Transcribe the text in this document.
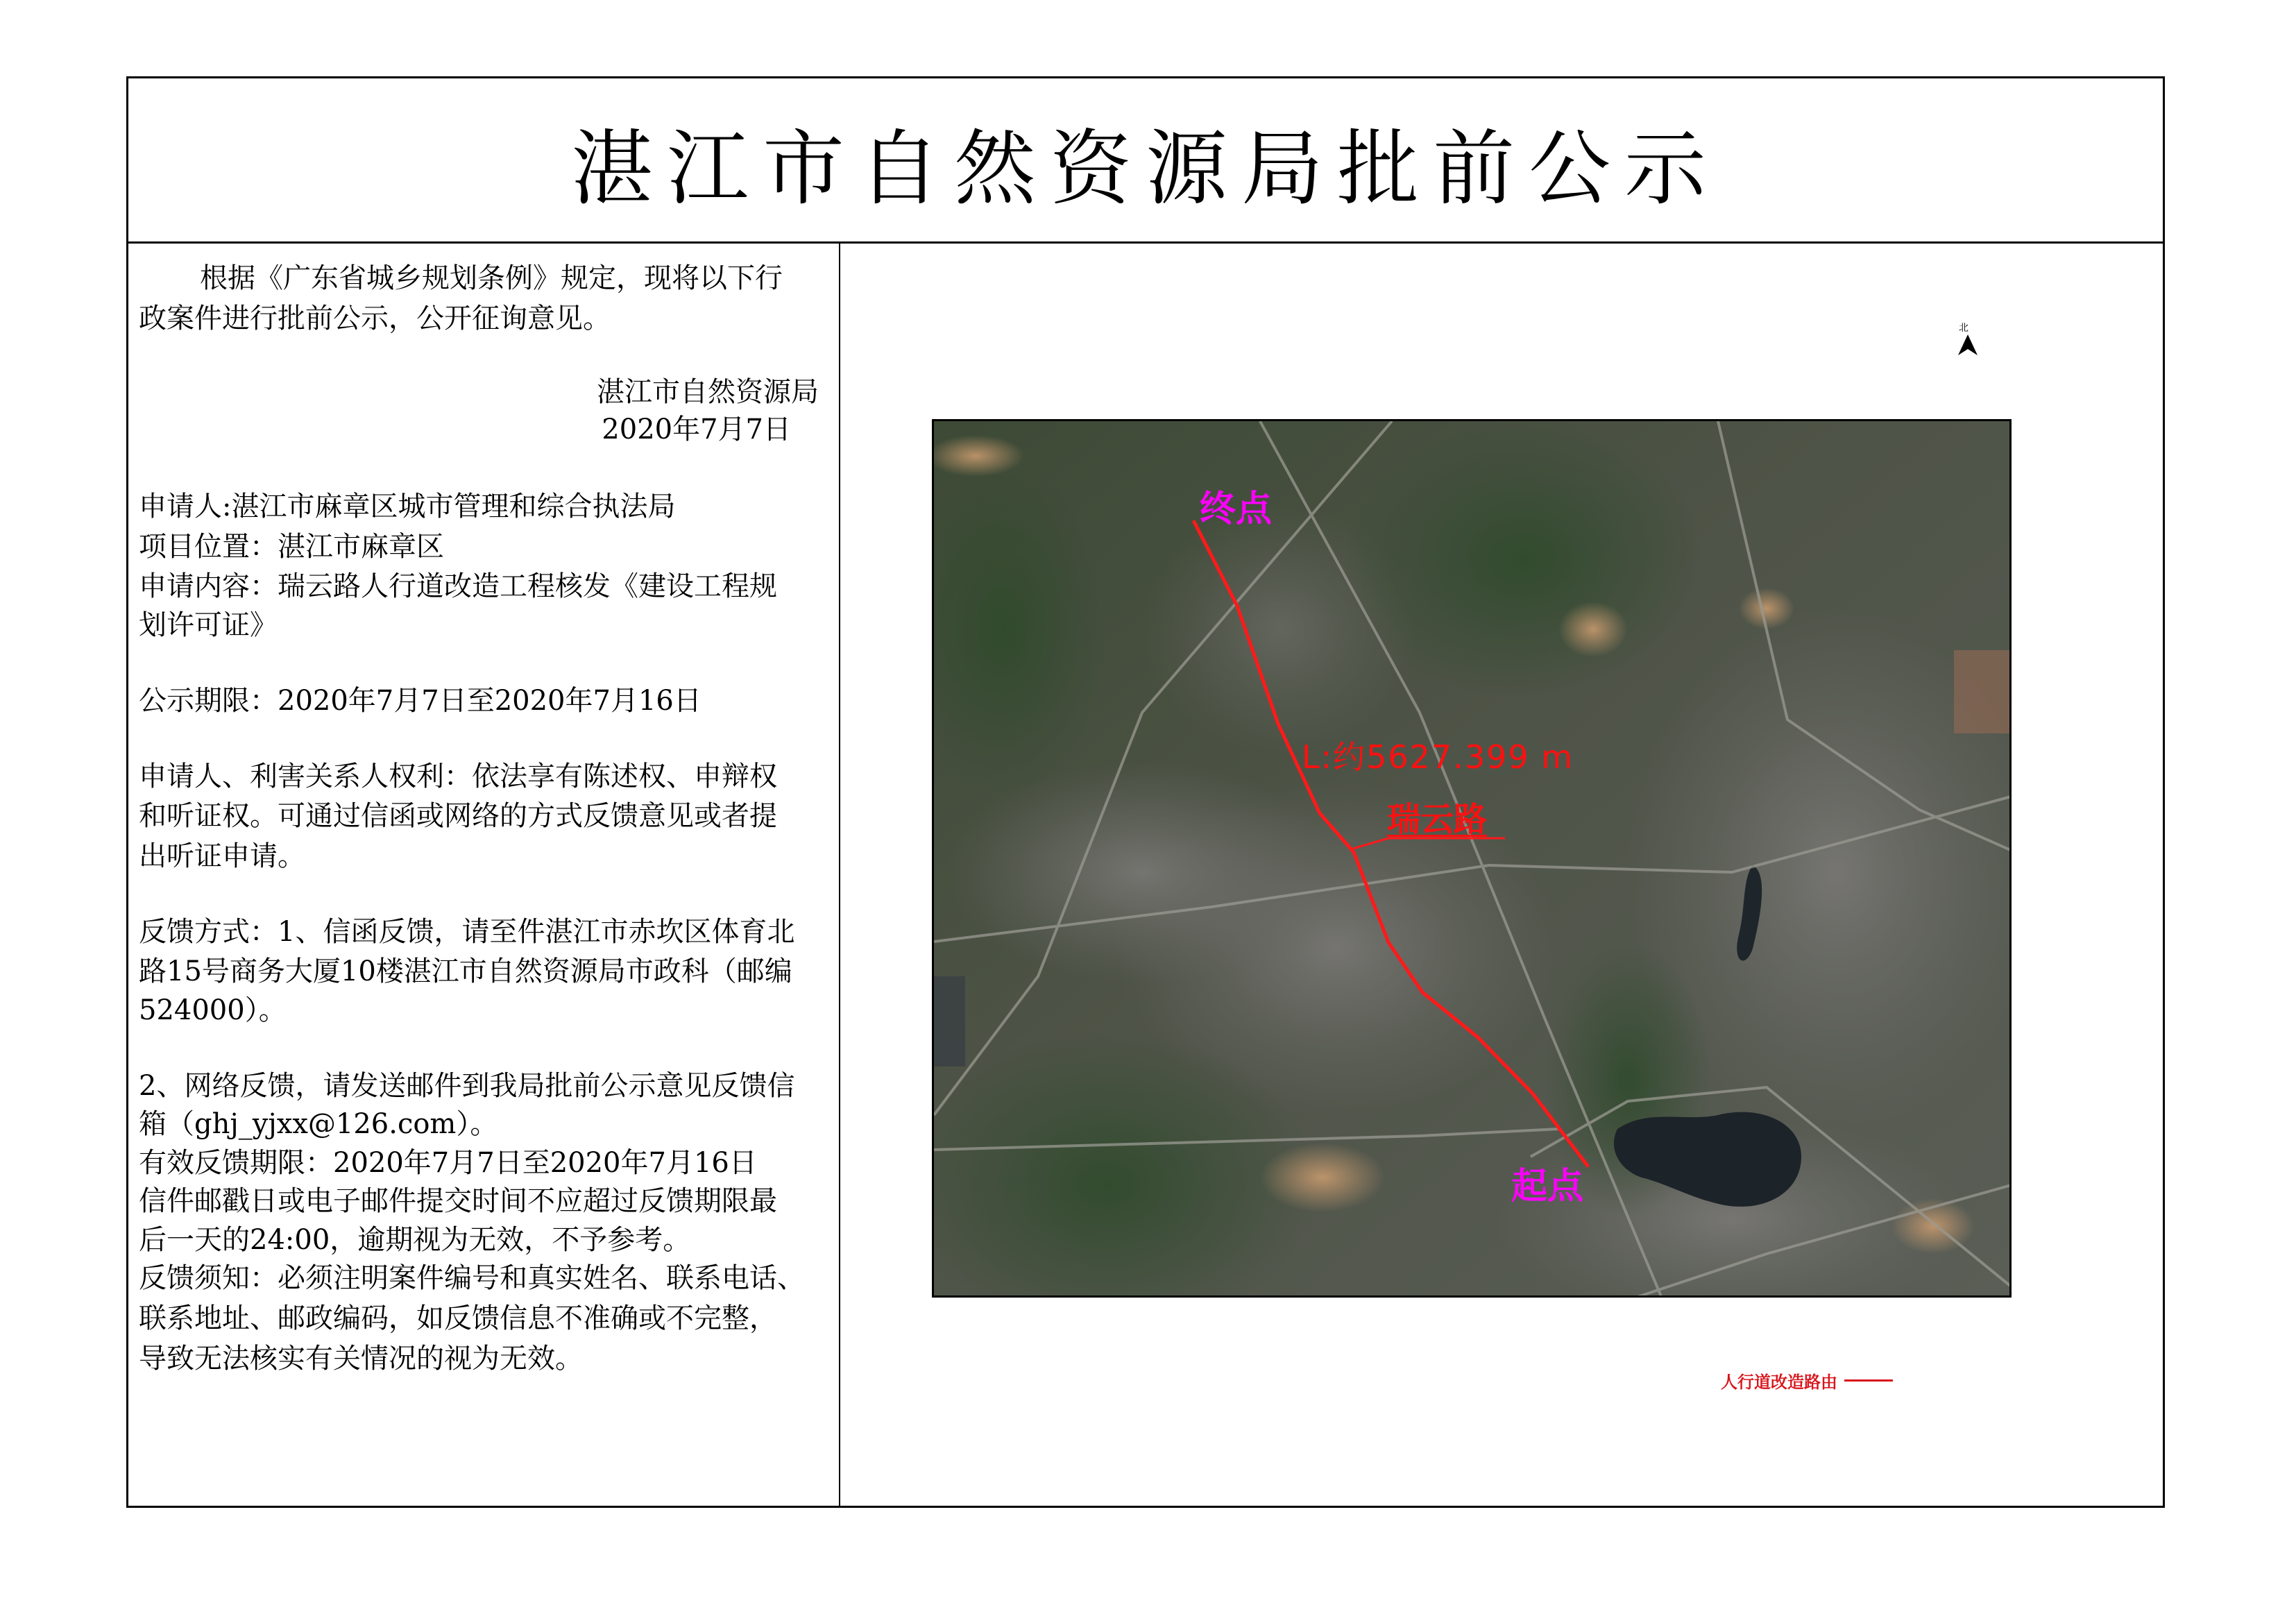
湛江市自然资源局批前公示
根据《广东省城乡规划条例》规定，现将以下行
政案件进行批前公示，公开征询意见。
湛江市自然资源局
2020年7月7日
申请人:湛江市麻章区城市管理和综合执法局
项目位置：湛江市麻章区
申请内容：瑞云路人行道改造工程核发《建设工程规
划许可证》
公示期限：2020年7月7日至2020年7月16日
申请人、利害关系人权利：依法享有陈述权、申辩权
和听证权。可通过信函或网络的方式反馈意见或者提
出听证申请。
反馈方式：1、信函反馈，请至件湛江市赤坎区体育北
路15号商务大厦10楼湛江市自然资源局市政科（邮编
524000）。
2、网络反馈，请发送邮件到我局批前公示意见反馈信
箱（ghj_yjxx@126.com）。
有效反馈期限：2020年7月7日至2020年7月16日
信件邮戳日或电子邮件提交时间不应超过反馈期限最
后一天的24:00，逾期视为无效，不予参考。
反馈须知：必须注明案件编号和真实姓名、联系电话、
联系地址、邮政编码，如反馈信息不准确或不完整，
导致无法核实有关情况的视为无效。
北
终点
L:约5627.399 m
瑞云路
起点
人行道改造路由
